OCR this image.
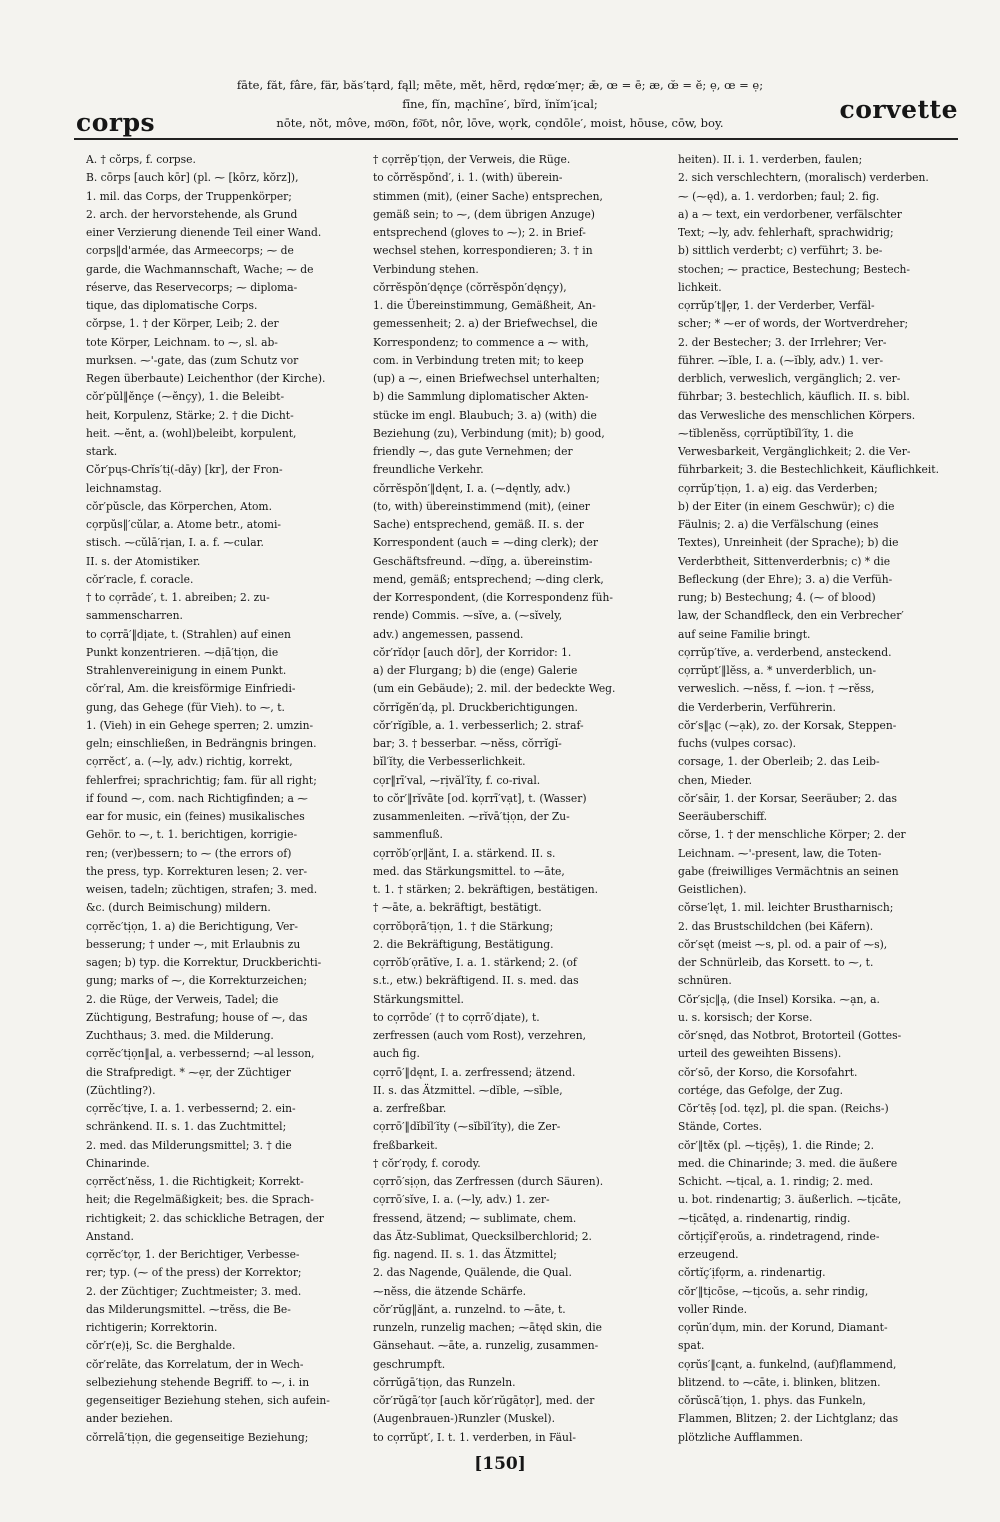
corps
fāte, făt, fâre, fär, băs′tạrd, fąll; mēte, mĕt, hẽrd, rędœ′mẹr; ǣ, œ = ē; æ, œ̆ = ĕ; ẹ, œ = ẹ;
fīne, fĭn, mạchīne′, bĩrd, ĭnĭm′ịcal;
nōte, nŏt, môve, mo͞on, fo͝ot, nôr, lōve, wọrk, cọndōle′, moist, hōuse, cōw, boy.	corvette
A. † cŏrps, f. corpse.
B. cōrps [auch kōr] (pl. ⁓ [kōrz, kŏrz]),
1. mil. das Corps, der Truppenkörper;
2. arch. der hervorstehende, als Grund
einer Verzierung dienende Teil einer Wand.
corps‖d'armée, das Armeecorps; ⁓ de
garde, die Wachmannschaft, Wache; ⁓ de
réserve, das Reservecorps; ⁓ diploma-
tique, das diplomatische Corps.
cŏrpse, 1. † der Körper, Leib; 2. der
tote Körper, Leichnam. to ⁓, sl. ab-
murksen. ⁓'-gate, das (zum Schutz vor
Regen überbaute) Leichenthor (der Kirche).
cŏr′pŭl‖ĕnçe (⁓ĕnçy), 1. die Beleibt-
heit, Korpulenz, Stärke; 2. † die Dicht-
heit. ⁓ĕnt, a. (wohl)beleibt, korpulent,
stark.
Cŏr′pųs-Chrĭs′tị(-dāy) [kr], der Fron-
leichnamstag.
cŏr′pŭscle, das Körperchen, Atom.
cọrpŭs‖′cŭlar, a. Atome betr., atomi-
stisch. ⁓cŭlā′rịan, I. a. f. ⁓cular.
II. s. der Atomistiker.
cŏr′racle, f. coracle.
† to cọrrāde′, t. 1. abreiben; 2. zu-
sammenscharren.
to cọrrā′‖dịate, t. (Strahlen) auf einen
Punkt konzentrieren. ⁓dịā′tịọn, die
Strahlenvereinigung in einem Punkt.
cŏr′ral, Am. die kreisförmige Einfriedi-
gung, das Gehege (für Vieh). to ⁓, t.
1. (Vieh) in ein Gehege sperren; 2. umzin-
geln; einschließen, in Bedrängnis bringen.
cọrrĕct′, a. (⁓ly, adv.) richtig, korrekt,
fehlerfrei; sprachrichtig; fam. für all right;
if found ⁓, com. nach Richtigfinden; a ⁓
ear for music, ein (feines) musikalisches
Gehör. to ⁓, t. 1. berichtigen, korrigie-
ren; (ver)bessern; to ⁓ (the errors of)
the press, typ. Korrekturen lesen; 2. ver-
weisen, tadeln; züchtigen, strafen; 3. med.
&c. (durch Beimischung) mildern.
cọrrĕc′tịọn, 1. a) die Berichtigung, Ver-
besserung; † under ⁓, mit Erlaubnis zu
sagen; b) typ. die Korrektur, Druckberichti-
gung; marks of ⁓, die Korrekturzeichen;
2. die Rüge, der Verweis, Tadel; die
Züchtigung, Bestrafung; house of ⁓, das
Zuchthaus; 3. med. die Milderung.
cọrrĕc′tịọn‖al, a. verbessernd; ⁓al lesson,
die Strafpredigt. * ⁓ẹr, der Züchtiger
(Züchtling?).
cọrrĕc′tịve, I. a. 1. verbessernd; 2. ein-
schränkend. II. s. 1. das Zuchtmittel;
2. med. das Milderungsmittel; 3. † die
Chinarinde.
cọrrĕct′nĕss, 1. die Richtigkeit; Korrekt-
heit; die Regelmäßigkeit; bes. die Sprach-
richtigkeit; 2. das schickliche Betragen, der
Anstand.
cọrrĕc′tọr, 1. der Berichtiger, Verbesse-
rer; typ. (⁓ of the press) der Korrektor;
2. der Züchtiger; Zuchtmeister; 3. med.
das Milderungsmittel. ⁓trĕss, die Be-
richtigerin; Korrektorin.
cŏr′r(e)ị, Sc. die Berghalde.
cŏr′relāte, das Korrelatum, der in Wech-
selbeziehung stehende Begriff. to ⁓, i. in
gegenseitiger Beziehung stehen, sich aufein-
ander beziehen.
cŏrrelā′tịọn, die gegenseitige Beziehung;
† cọrrĕp′tịọn, der Verweis, die Rüge.
to cŏrrĕspŏnd′, i. 1. (with) überein-
stimmen (mit), (einer Sache) entsprechen,
gemäß sein; to ⁓, (dem übrigen Anzuge)
entsprechend (gloves to ⁓); 2. in Brief-
wechsel stehen, korrespondieren; 3. † in
Verbindung stehen.
cŏrrĕspŏn′dęnçe (cŏrrĕspŏn′dęnçy),
1. die Übereinstimmung, Gemäßheit, An-
gemessenheit; 2. a) der Briefwechsel, die
Korrespondenz; to commence a ⁓ with,
com. in Verbindung treten mit; to keep
(up) a ⁓, einen Briefwechsel unterhalten;
b) die Sammlung diplomatischer Akten-
stücke im engl. Blaubuch; 3. a) (with) die
Beziehung (zu), Verbindung (mit); b) good,
friendly ⁓, das gute Vernehmen; der
freundliche Verkehr.
cŏrrĕspŏn′‖dęnt, I. a. (⁓dęntly, adv.)
(to, with) übereinstimmend (mit), (einer
Sache) entsprechend, gemäß. II. s. der
Korrespondent (auch = ⁓ding clerk); der
Geschäftsfreund. ⁓dĭṉg, a. übereinstim-
mend, gemäß; entsprechend; ⁓ding clerk,
der Korrespondent, (die Korrespondenz füh-
rende) Commis. ⁓sĭve, a. (⁓sĭvely,
adv.) angemessen, passend.
cŏr′rĭdọr [auch dōr], der Korridor: 1.
a) der Flurgang; b) die (enge) Galerie
(um ein Gebäude); 2. mil. der bedeckte Weg.
cŏrrĭgĕn′dạ, pl. Druckberichtigungen.
cŏr′rĭgĭble, a. 1. verbesserlich; 2. straf-
bar; 3. † besserbar. ⁓nĕss, cŏrrĭgĭ-
bĭl′ĭty, die Verbesserlichkeit.
cọr‖rī′val, ⁓rịvăl′ĭty, f. co-rival.
to cŏr′‖rĭvāte [od. kọrrī′vạt], t. (Wasser)
zusammenleiten. ⁓rĭvā′tịọn, der Zu-
sammenfluß.
cọrrŏb′ọr‖ănt, I. a. stärkend. II. s.
med. das Stärkungsmittel. to ⁓āte,
t. 1. † stärken; 2. bekräftigen, bestätigen.
† ⁓āte, a. bekräftigt, bestätigt.
cọrrŏbọrā′tịọn, 1. † die Stärkung;
2. die Bekräftigung, Bestätigung.
cọrrŏb′ọrātĭve, I. a. 1. stärkend; 2. (of
s.t., etw.) bekräftigend. II. s. med. das
Stärkungsmittel.
to cọrrōde′ († to cọrrō′dịate), t.
zerfressen (auch vom Rost), verzehren,
auch fig.
cọrrō′‖dęnt, I. a. zerfressend; ätzend.
II. s. das Ätzmittel. ⁓dĭble, ⁓sĭble,
a. zerfreßbar.
cọrrō′‖dĭbĭl′ĭty (⁓sĭbĭl′ĭty), die Zer-
freßbarkeit.
† cŏr′rọdy, f. corody.
cọrrō′sịọn, das Zerfressen (durch Säuren).
cọrrō′sĭve, I. a. (⁓ly, adv.) 1. zer-
fressend, ätzend; ⁓ sublimate, chem.
das Ätz-Sublimat, Quecksilberchlorid; 2.
fig. nagend. II. s. 1. das Ätzmittel;
2. das Nagende, Quälende, die Qual.
⁓nĕss, die ätzende Schärfe.
cŏr′rŭg‖ănt, a. runzelnd. to ⁓āte, t.
runzeln, runzelig machen; ⁓ātęd skin, die
Gänsehaut. ⁓āte, a. runzelig, zusammen-
geschrumpft.
cŏrrŭgā′tịọn, das Runzeln.
cŏr′rŭgā′tọr [auch kŏr′rŭgātọr], med. der
(Augenbrauen-)Runzler (Muskel).
to cọrrŭpt′, I. t. 1. verderben, in Fäul-
heiten). II. i. 1. verderben, faulen;
2. sich verschlechtern, (moralisch) verderben.
⁓ (⁓ęd), a. 1. verdorben; faul; 2. fig.
a) a ⁓ text, ein verdorbener, verfälschter
Text; ⁓ly, adv. fehlerhaft, sprachwidrig;
b) sittlich verderbt; c) verführt; 3. be-
stochen; ⁓ practice, Bestechung; Bestech-
lichkeit.
cọrrŭp′t‖ẹr, 1. der Verderber, Verfäl-
scher; * ⁓er of words, der Wortverdreher;
2. der Bestecher; 3. der Irrlehrer; Ver-
führer. ⁓ĭble, I. a. (⁓ĭbly, adv.) 1. ver-
derblich, verweslich, vergänglich; 2. ver-
führbar; 3. bestechlich, käuflich. II. s. bibl.
das Verwesliche des menschlichen Körpers.
⁓tĭblenĕss, cọrrŭptĭbĭl′ĭty, 1. die
Verwesbarkeit, Vergänglichkeit; 2. die Ver-
führbarkeit; 3. die Bestechlichkeit, Käuflichkeit.
cọrrŭp′tịọn, 1. a) eig. das Verderben;
b) der Eiter (in einem Geschwür); c) die
Fäulnis; 2. a) die Verfälschung (eines
Textes), Unreinheit (der Sprache); b) die
Verderbtheit, Sittenverderbnis; c) * die
Befleckung (der Ehre); 3. a) die Verfüh-
rung; b) Bestechung; 4. (⁓ of blood)
law, der Schandfleck, den ein Verbrecher′
auf seine Familie bringt.
cọrrŭp′tĭve, a. verderbend, ansteckend.
cọrrŭpt′‖lĕss, a. * unverderblich, un-
verweslich. ⁓nĕss, f. ⁓ion. † ⁓rĕss,
die Verderberin, Verführerin.
cŏr′s‖ạc (⁓ạk), zo. der Korsak, Steppen-
fuchs (vulpes corsac).
corsage, 1. der Oberleib; 2. das Leib-
chen, Mieder.
cŏr′sāir, 1. der Korsar, Seeräuber; 2. das
Seeräuberschiff.
cŏrse, 1. † der menschliche Körper; 2. der
Leichnam. ⁓'-present, law, die Toten-
gabe (freiwilliges Vermächtnis an seinen
Geistlichen).
cŏrse′lęt, 1. mil. leichter Brustharnisch;
2. das Brustschildchen (bei Käfern).
cŏr′sęt (meist ⁓s, pl. od. a pair of ⁓s),
der Schnürleib, das Korsett. to ⁓, t.
schnüren.
Cŏr′sịc‖ạ, (die Insel) Korsika. ⁓ạn, a.
u. s. korsisch; der Korse.
cŏr′snęd, das Notbrot, Brotorteil (Gottes-
urteil des geweihten Bissens).
cŏr′sō, der Korso, die Korsofahrt.
cortége, das Gefolge, der Zug.
Cŏr′tēṣ [od. tęz], pl. die span. (Reichs-)
Stände, Cortes.
cŏr′‖tĕx (pl. ⁓tịçēṣ), 1. die Rinde; 2.
med. die Chinarinde; 3. med. die äußere
Schicht. ⁓tịcal, a. 1. rindig; 2. med.
u. bot. rindenartig; 3. äußerlich. ⁓tịcāte,
⁓tịcātęd, a. rindenartig, rindig.
cŏrtịçĭf′ẹroŭs, a. rindetragend, rinde-
erzeugend.
cŏrtĭç′ịfọrm, a. rindenartig.
cŏr′‖tịcōse, ⁓tịcoŭs, a. sehr rindig,
voller Rinde.
cọrŭn′dụm, min. der Korund, Diamant-
spat.
cọrŭs′‖cạnt, a. funkelnd, (auf)flammend,
blitzend. to ⁓cāte, i. blinken, blitzen.
cŏrŭscā′tịọn, 1. phys. das Funkeln,
Flammen, Blitzen; 2. der Lichtglanz; das
plötzliche Aufflammen.
[150]
